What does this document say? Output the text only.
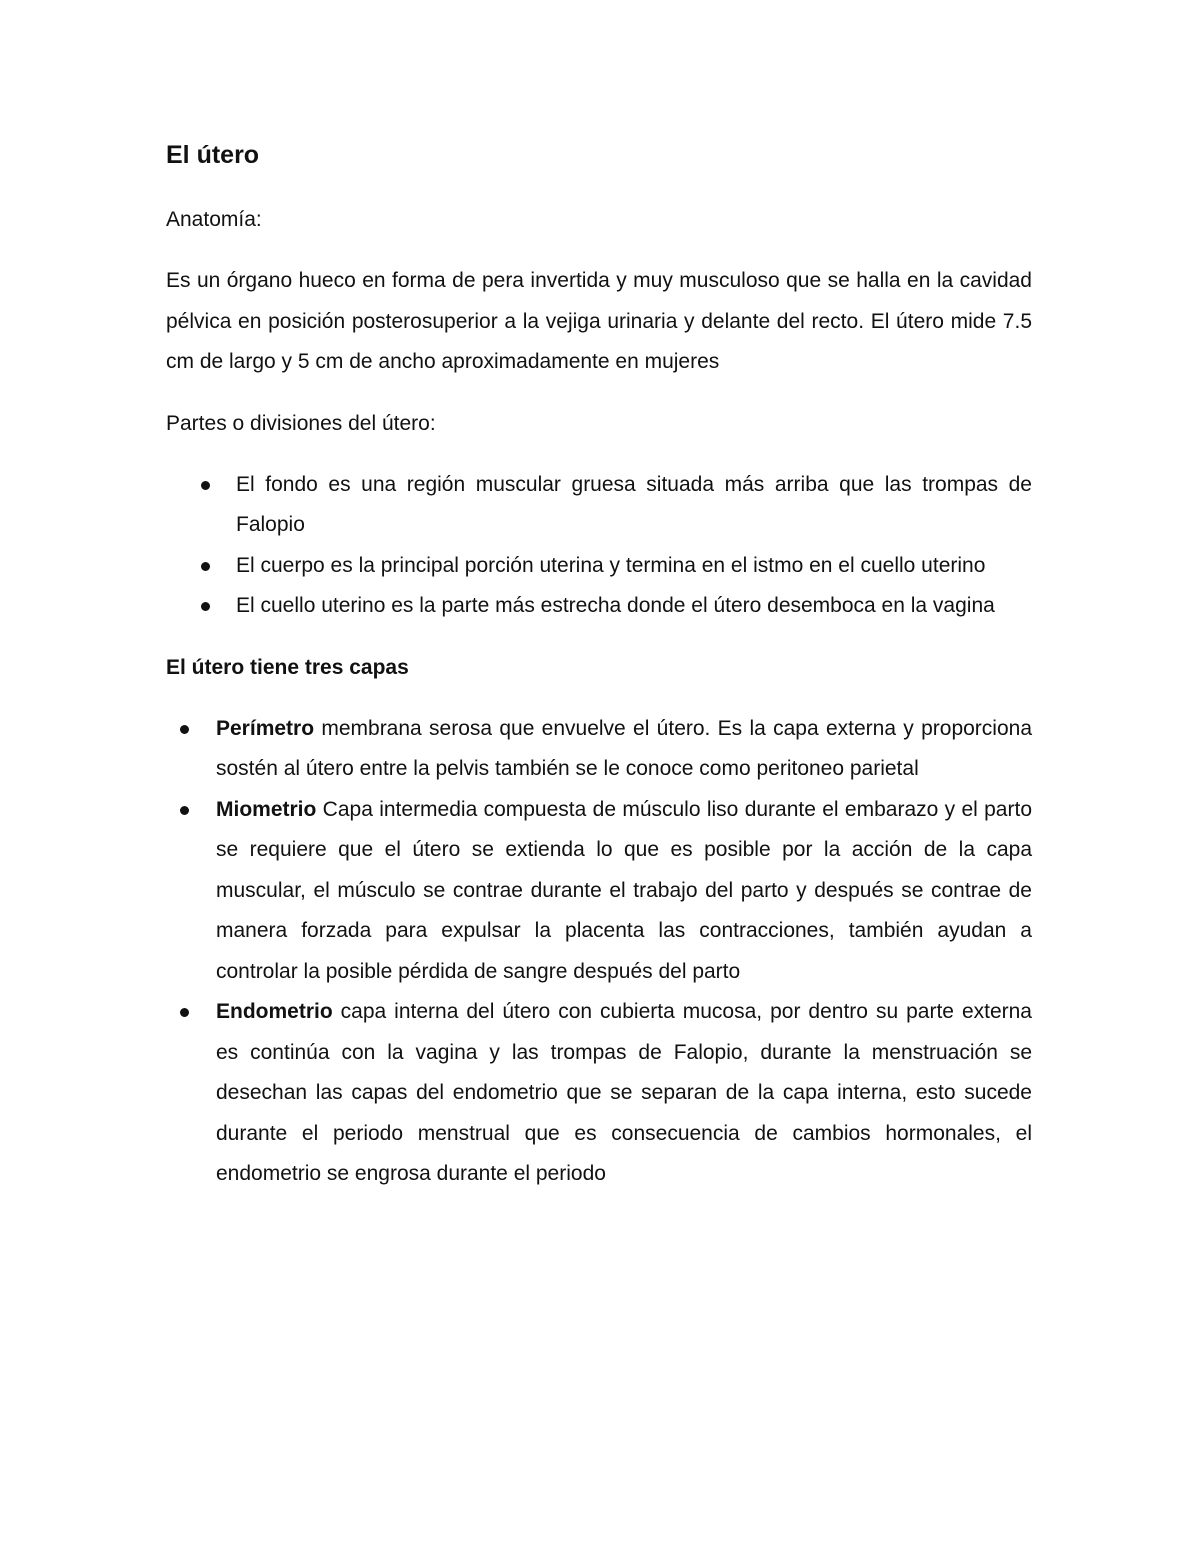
El útero
Anatomía:

Es un órgano hueco en forma de pera invertida y muy musculoso que se halla en la cavidad pélvica en posición posterosuperior a la vejiga urinaria y delante del recto. El útero mide 7.5 cm de largo y 5 cm de ancho aproximadamente en mujeres

Partes o divisiones del útero:
El fondo es una región muscular gruesa situada más arriba que las trompas de Falopio
El cuerpo es la principal porción uterina y termina en el istmo en el cuello uterino
El cuello uterino es la parte más estrecha donde el útero desemboca en la vagina
El útero tiene tres capas
Perímetro membrana serosa que envuelve el útero. Es la capa externa y proporciona sostén al útero entre la pelvis también se le conoce como peritoneo parietal
Miometrio Capa intermedia compuesta de músculo liso durante el embarazo y el parto se requiere que el útero se extienda lo que es posible por la acción de la capa muscular, el músculo se contrae durante el trabajo del parto y después se contrae de manera forzada para expulsar la placenta las contracciones, también ayudan a controlar la posible pérdida de sangre después del parto
Endometrio capa interna del útero con cubierta mucosa, por dentro su parte externa es continúa con la vagina y las trompas de Falopio, durante la menstruación se desechan las capas del endometrio que se separan de la capa interna, esto sucede durante el periodo menstrual que es consecuencia de cambios hormonales, el endometrio se engrosa durante el periodo
